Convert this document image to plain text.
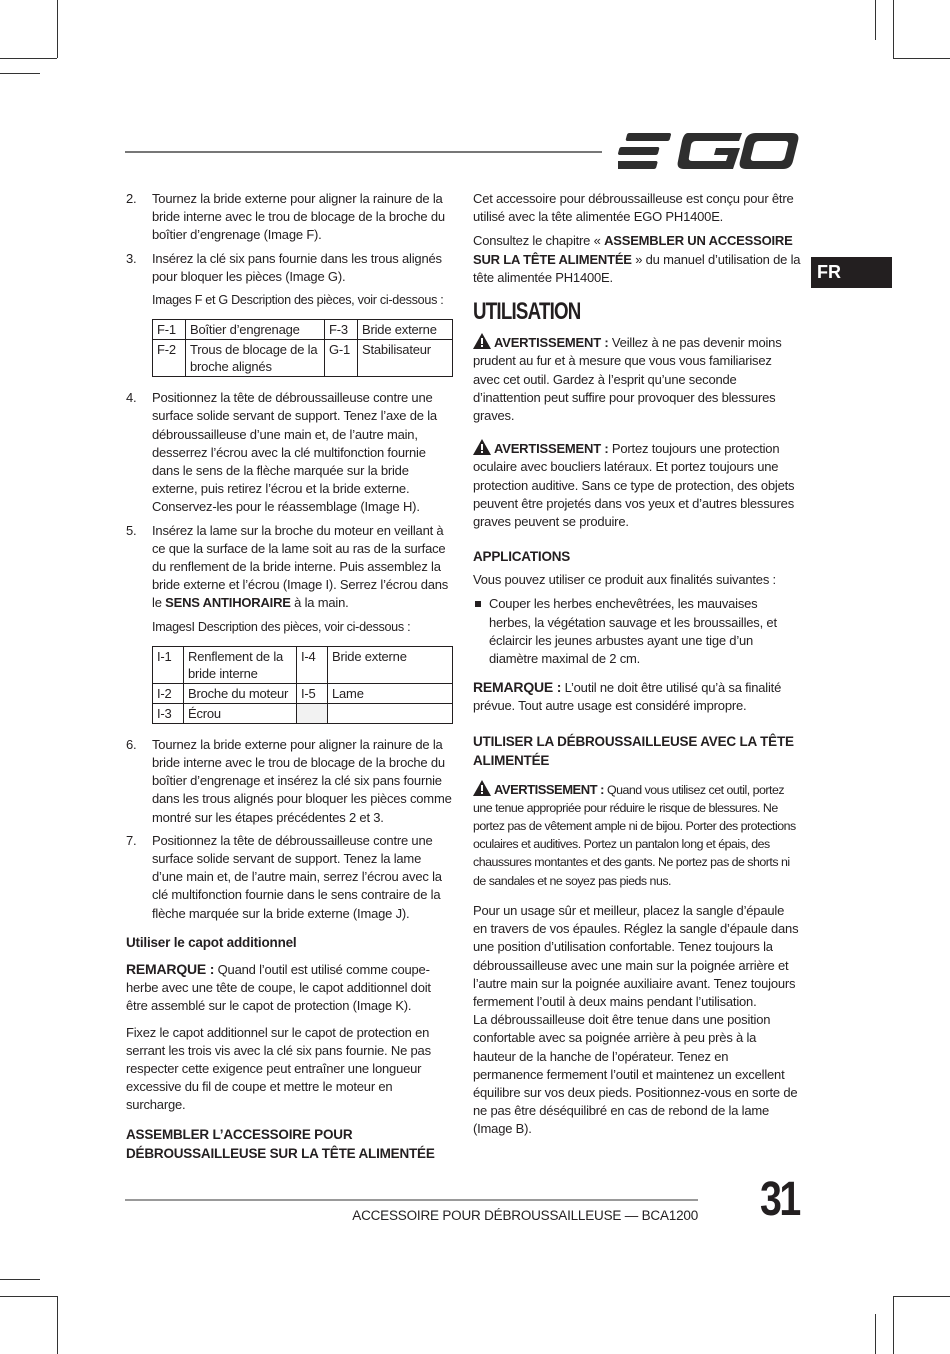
FR
2. Tournez la bride externe pour aligner la rainure de la bride interne avec le trou de blocage de la broche du boîtier d’engrenage (Image F).
3. Insérez la clé six pans fournie dans les trous alignés pour bloquer les pièces (Image G).
Images F et G Description des pièces, voir ci-dessous :
F-1	Boîtier d’engrenage	F-3	Bride externe
F-2	Trous de blocage de la broche alignés	G-1	Stabilisateur
4. Positionnez la tête de débroussailleuse contre une surface solide servant de support. Tenez l’axe de la débroussailleuse d’une main et, de l’autre main, desserrez l’écrou avec la clé multifonction fournie dans le sens de la flèche marquée sur la bride externe, puis retirez l’écrou et la bride externe. Conservez-les pour le réassemblage (Image H).
5. Insérez la lame sur la broche du moteur en veillant à ce que la surface de la lame soit au ras de la surface du renflement de la bride interne. Puis assemblez la bride externe et l’écrou (Image I). Serrez l’écrou dans le SENS ANTIHORAIRE à la main.
ImagesI Description des pièces, voir ci-dessous :
I-1	Renflement de la bride interne	I-4	Bride externe
I-2	Broche du moteur	I-5	Lame
I-3	Écrou		
6. Tournez la bride externe pour aligner la rainure de la bride interne avec le trou de blocage de la broche du boîtier d’engrenage et insérez la clé six pans fournie dans les trous alignés pour bloquer les pièces comme montré sur les étapes précédentes 2 et 3.
7. Positionnez la tête de débroussailleuse contre une surface solide servant de support. Tenez la lame d’une main et, de l’autre main, serrez l’écrou avec la clé multifonction fournie dans le sens contraire de la flèche marquée sur la bride externe (Image J).

Utiliser le capot additionnel

REMARQUE : Quand l’outil est utilisé comme coupe-herbe avec une tête de coupe, le capot additionnel doit être assemblé sur le capot de protection (Image K).

Fixez le capot additionnel sur le capot de protection en serrant les trois vis avec la clé six pans fournie. Ne pas respecter cette exigence peut entraîner une longueur excessive du fil de coupe et mettre le moteur en surcharge.

ASSEMBLER L’ACCESSOIRE POUR DÉBROUSSAILLEUSE SUR LA TÊTE ALIMENTÉE

Cet accessoire pour débroussailleuse est conçu pour être utilisé avec la tête alimentée EGO PH1400E.

Consultez le chapitre « ASSEMBLER UN ACCESSOIRE SUR LA TÊTE ALIMENTÉE » du manuel d’utilisation de la tête alimentée PH1400E.

UTILISATION

AVERTISSEMENT : Veillez à ne pas devenir moins prudent au fur et à mesure que vous vous familiarisez avec cet outil. Gardez à l’esprit qu’une seconde d’inattention peut suffire pour provoquer des blessures graves.

AVERTISSEMENT : Portez toujours une protection oculaire avec boucliers latéraux. Et portez toujours une protection auditive. Sans ce type de protection, des objets peuvent être projetés dans vos yeux et d’autres blessures graves peuvent se produire.

APPLICATIONS

Vous pouvez utiliser ce produit aux finalités suivantes :

Couper les herbes enchevêtrées, les mauvaises herbes, la végétation sauvage et les broussailles, et éclaircir les jeunes arbustes ayant une tige d’un diamètre maximal de 2 cm.

REMARQUE : L’outil ne doit être utilisé qu’à sa finalité prévue. Tout autre usage est considéré impropre.

UTILISER LA DÉBROUSSAILLEUSE AVEC LA TÊTE ALIMENTÉE

AVERTISSEMENT : Quand vous utilisez cet outil, portez une tenue appropriée pour réduire le risque de blessures. Ne portez pas de vêtement ample ni de bijou. Porter des protections oculaires et auditives. Portez un pantalon long et épais, des chaussures montantes et des gants. Ne portez pas de shorts ni de sandales et ne soyez pas pieds nus.

Pour un usage sûr et meilleur, placez la sangle d’épaule en travers de vos épaules. Réglez la sangle d’épaule dans une position d’utilisation confortable. Tenez toujours la débroussailleuse avec une main sur la poignée arrière et l’autre main sur la poignée auxiliaire avant. Tenez toujours fermement l’outil à deux mains pendant l’utilisation.

La débroussailleuse doit être tenue dans une position confortable avec sa poignée arrière à peu près à la hauteur de la hanche de l’opérateur. Tenez en permanence fermement l’outil et maintenez un excellent équilibre sur vos deux pieds. Positionnez-vous en sorte de ne pas être déséquilibré en cas de rebond de la lame (Image B).

ACCESSOIRE POUR DÉBROUSSAILLEUSE — BCA1200 31
